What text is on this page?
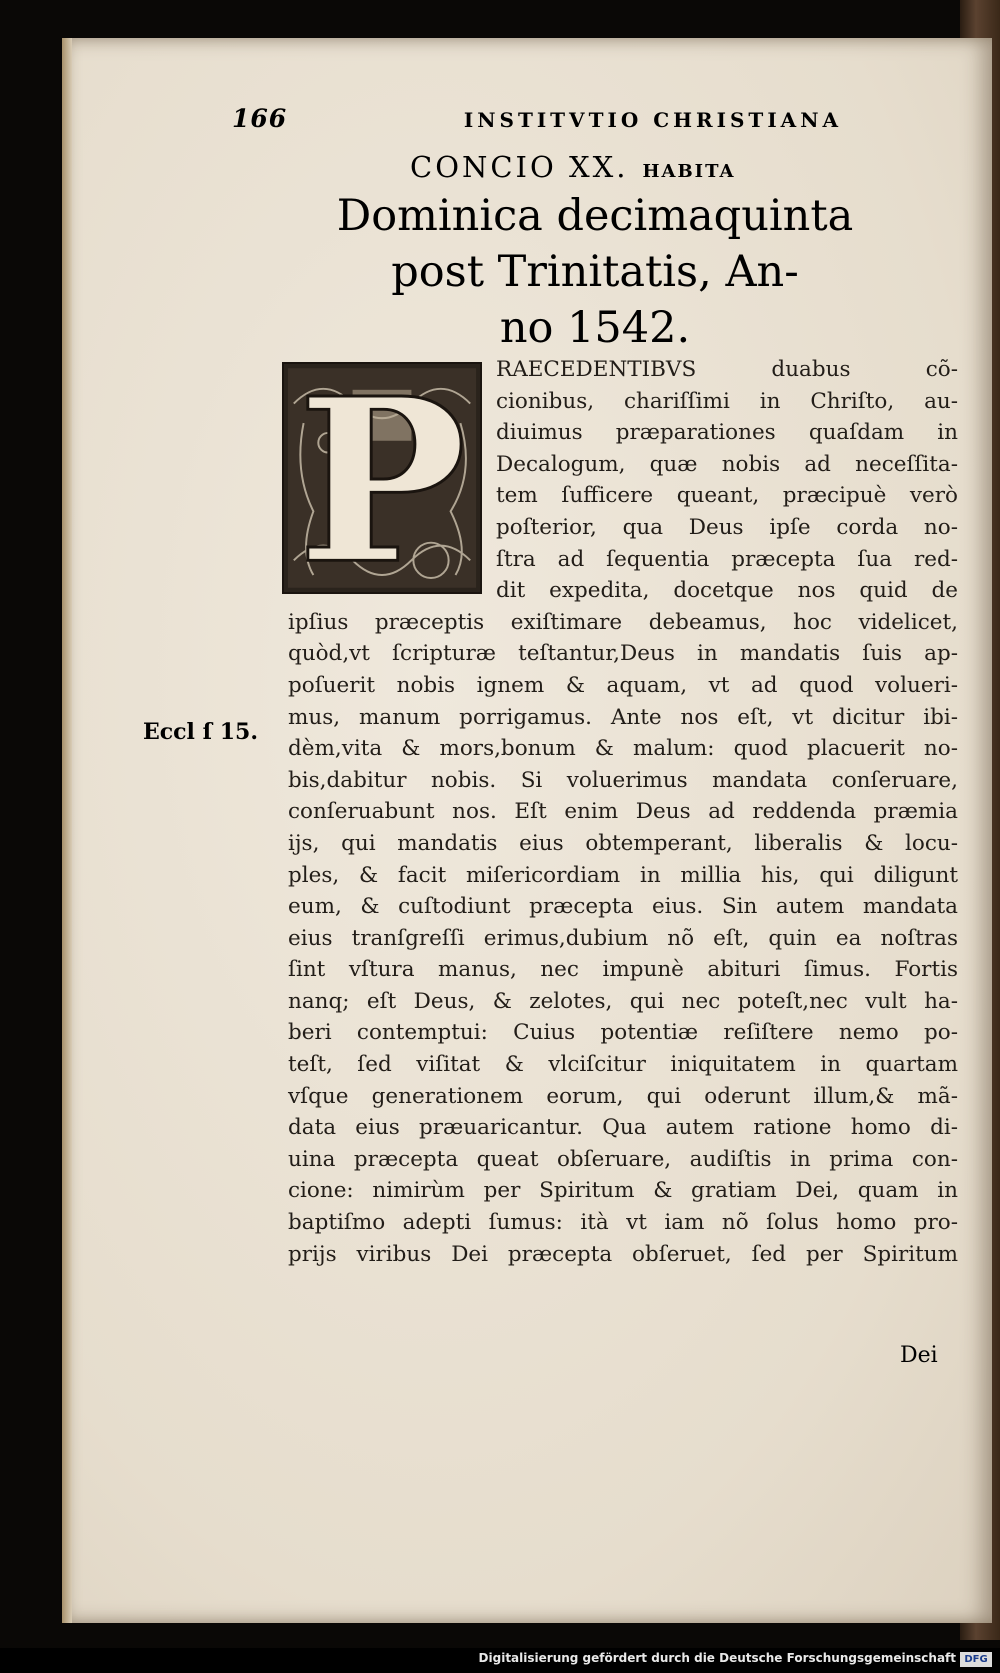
166	INSTITVTIO CHRISTIANA
CONCIO XX. HABITA
Dominica decimaquinta
post Trinitatis, An-
no 1542.
P
Eccl ſ 15.
RAECEDENTIBVS duabus cõ-
cionibus, chariſſimi in Chriſto, au-
diuimus præparationes quaſdam in
Decalogum, quæ nobis ad neceſſita-
tem ſufficere queant, præcipuè verò
poſterior, qua Deus ipſe corda no-
ſtra ad ſequentia præcepta ſua red-
dit expedita, docetque nos quid de
ipſius præceptis exiſtimare debeamus, hoc videlicet,
quòd,vt ſcripturæ teſtantur,Deus in mandatis ſuis ap-
poſuerit nobis ignem & aquam, vt ad quod volueri-
mus, manum porrigamus. Ante nos eſt, vt dicitur ibi-
dèm,vita & mors,bonum & malum: quod placuerit no-
bis,dabitur nobis. Si voluerimus mandata conſeruare,
conſeruabunt nos. Eſt enim Deus ad reddenda præmia
ijs, qui mandatis eius obtemperant, liberalis & locu-
ples, & facit miſericordiam in millia his, qui diligunt
eum, & cuſtodiunt præcepta eius. Sin autem mandata
eius tranſgreſſi erimus,dubium nõ eſt, quin ea noſtras
ſint vſtura manus, nec impunè abituri ſimus. Fortis
nanq; eſt Deus, & zelotes, qui nec poteſt,nec vult ha-
beri contemptui: Cuius potentiæ reſiſtere nemo po-
teſt, ſed viſitat & vlciſcitur iniquitatem in quartam
vſque generationem eorum, qui oderunt illum,& mã-
data eius præuaricantur. Qua autem ratione homo di-
uina præcepta queat obſeruare, audiſtis in prima con-
cione: nimirùm per Spiritum & gratiam Dei, quam in
baptiſmo adepti ſumus: ità vt iam nõ ſolus homo pro-
prijs viribus Dei præcepta obſeruet, ſed per Spiritum
Dei
Digitalisierung gefördert durch die Deutsche Forschungsgemeinschaft DFG
